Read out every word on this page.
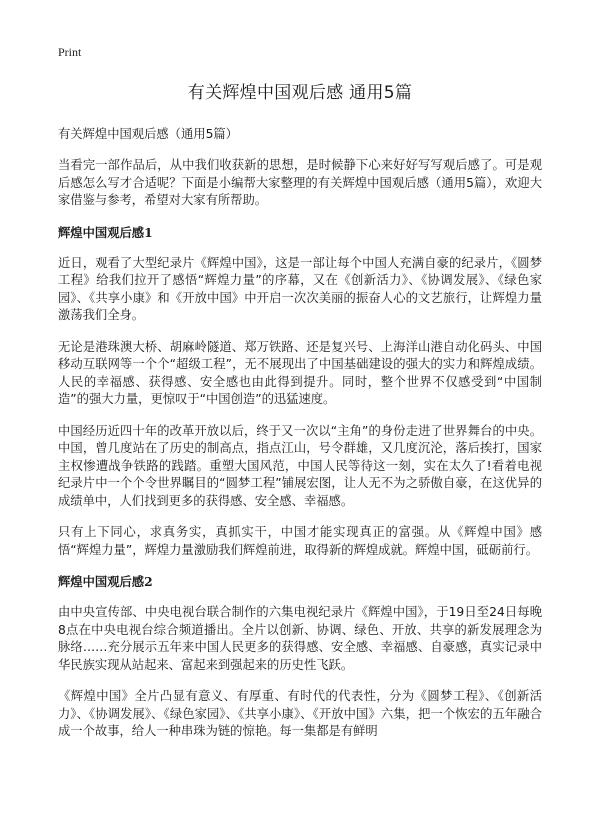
Print
有关辉煌中国观后感 通用5篇

有关辉煌中国观后感（通用5篇）

当看完一部作品后，从中我们收获新的思想，是时候静下心来好好写写观后感了。可是观后感怎么写才合适呢？下面是小编帮大家整理的有关辉煌中国观后感（通用5篇），欢迎大家借鉴与参考，希望对大家有所帮助。

辉煌中国观后感1

近日，观看了大型纪录片《辉煌中国》，这是一部让每个中国人充满自豪的纪录片，《圆梦工程》给我们拉开了感悟“辉煌力量”的序幕，又在《创新活力》、《协调发展》、《绿色家园》、《共享小康》和《开放中国》中开启一次次美丽的振奋人心的文艺旅行，让辉煌力量激荡我们全身。

无论是港珠澳大桥、胡麻岭隧道、郑万铁路、还是复兴号、上海洋山港自动化码头、中国移动互联网等一个个“超级工程”，无不展现出了中国基础建设的强大的实力和辉煌成绩。人民的幸福感、获得感、安全感也由此得到提升。同时，整个世界不仅感受到“中国制造”的强大力量，更惊叹于“中国创造”的迅猛速度。

中国经历近四十年的改革开放以后，终于又一次以“主角”的身份走进了世界舞台的中央。中国，曾几度站在了历史的制高点，指点江山，号令群雄，又几度沉沦，落后挨打，国家主权惨遭战争铁路的践踏。重塑大国风范，中国人民等待这一刻，实在太久了!看着电视纪录片中一个个令世界瞩目的“圆梦工程”铺展宏图，让人无不为之骄傲自豪，在这优异的成绩单中，人们找到更多的获得感、安全感、幸福感。

只有上下同心，求真务实，真抓实干，中国才能实现真正的富强。从《辉煌中国》感悟“辉煌力量”，辉煌力量激励我们辉煌前进，取得新的辉煌成就。辉煌中国，砥砺前行。

辉煌中国观后感2

由中央宣传部、中央电视台联合制作的六集电视纪录片《辉煌中国》，于19日至24日每晚8点在中央电视台综合频道播出。全片以创新、协调、绿色、开放、共享的新发展理念为脉络……充分展示五年来中国人民更多的获得感、安全感、幸福感、自豪感，真实记录中华民族实现从站起来、富起来到强起来的历史性飞跃。

《辉煌中国》全片凸显有意义、有厚重、有时代的代表性，分为《圆梦工程》、《创新活力》、《协调发展》、《绿色家园》、《共享小康》、《开放中国》六集，把一个恢宏的五年融合成一个故事，给人一种串珠为链的惊艳。每一集都是有鲜明
